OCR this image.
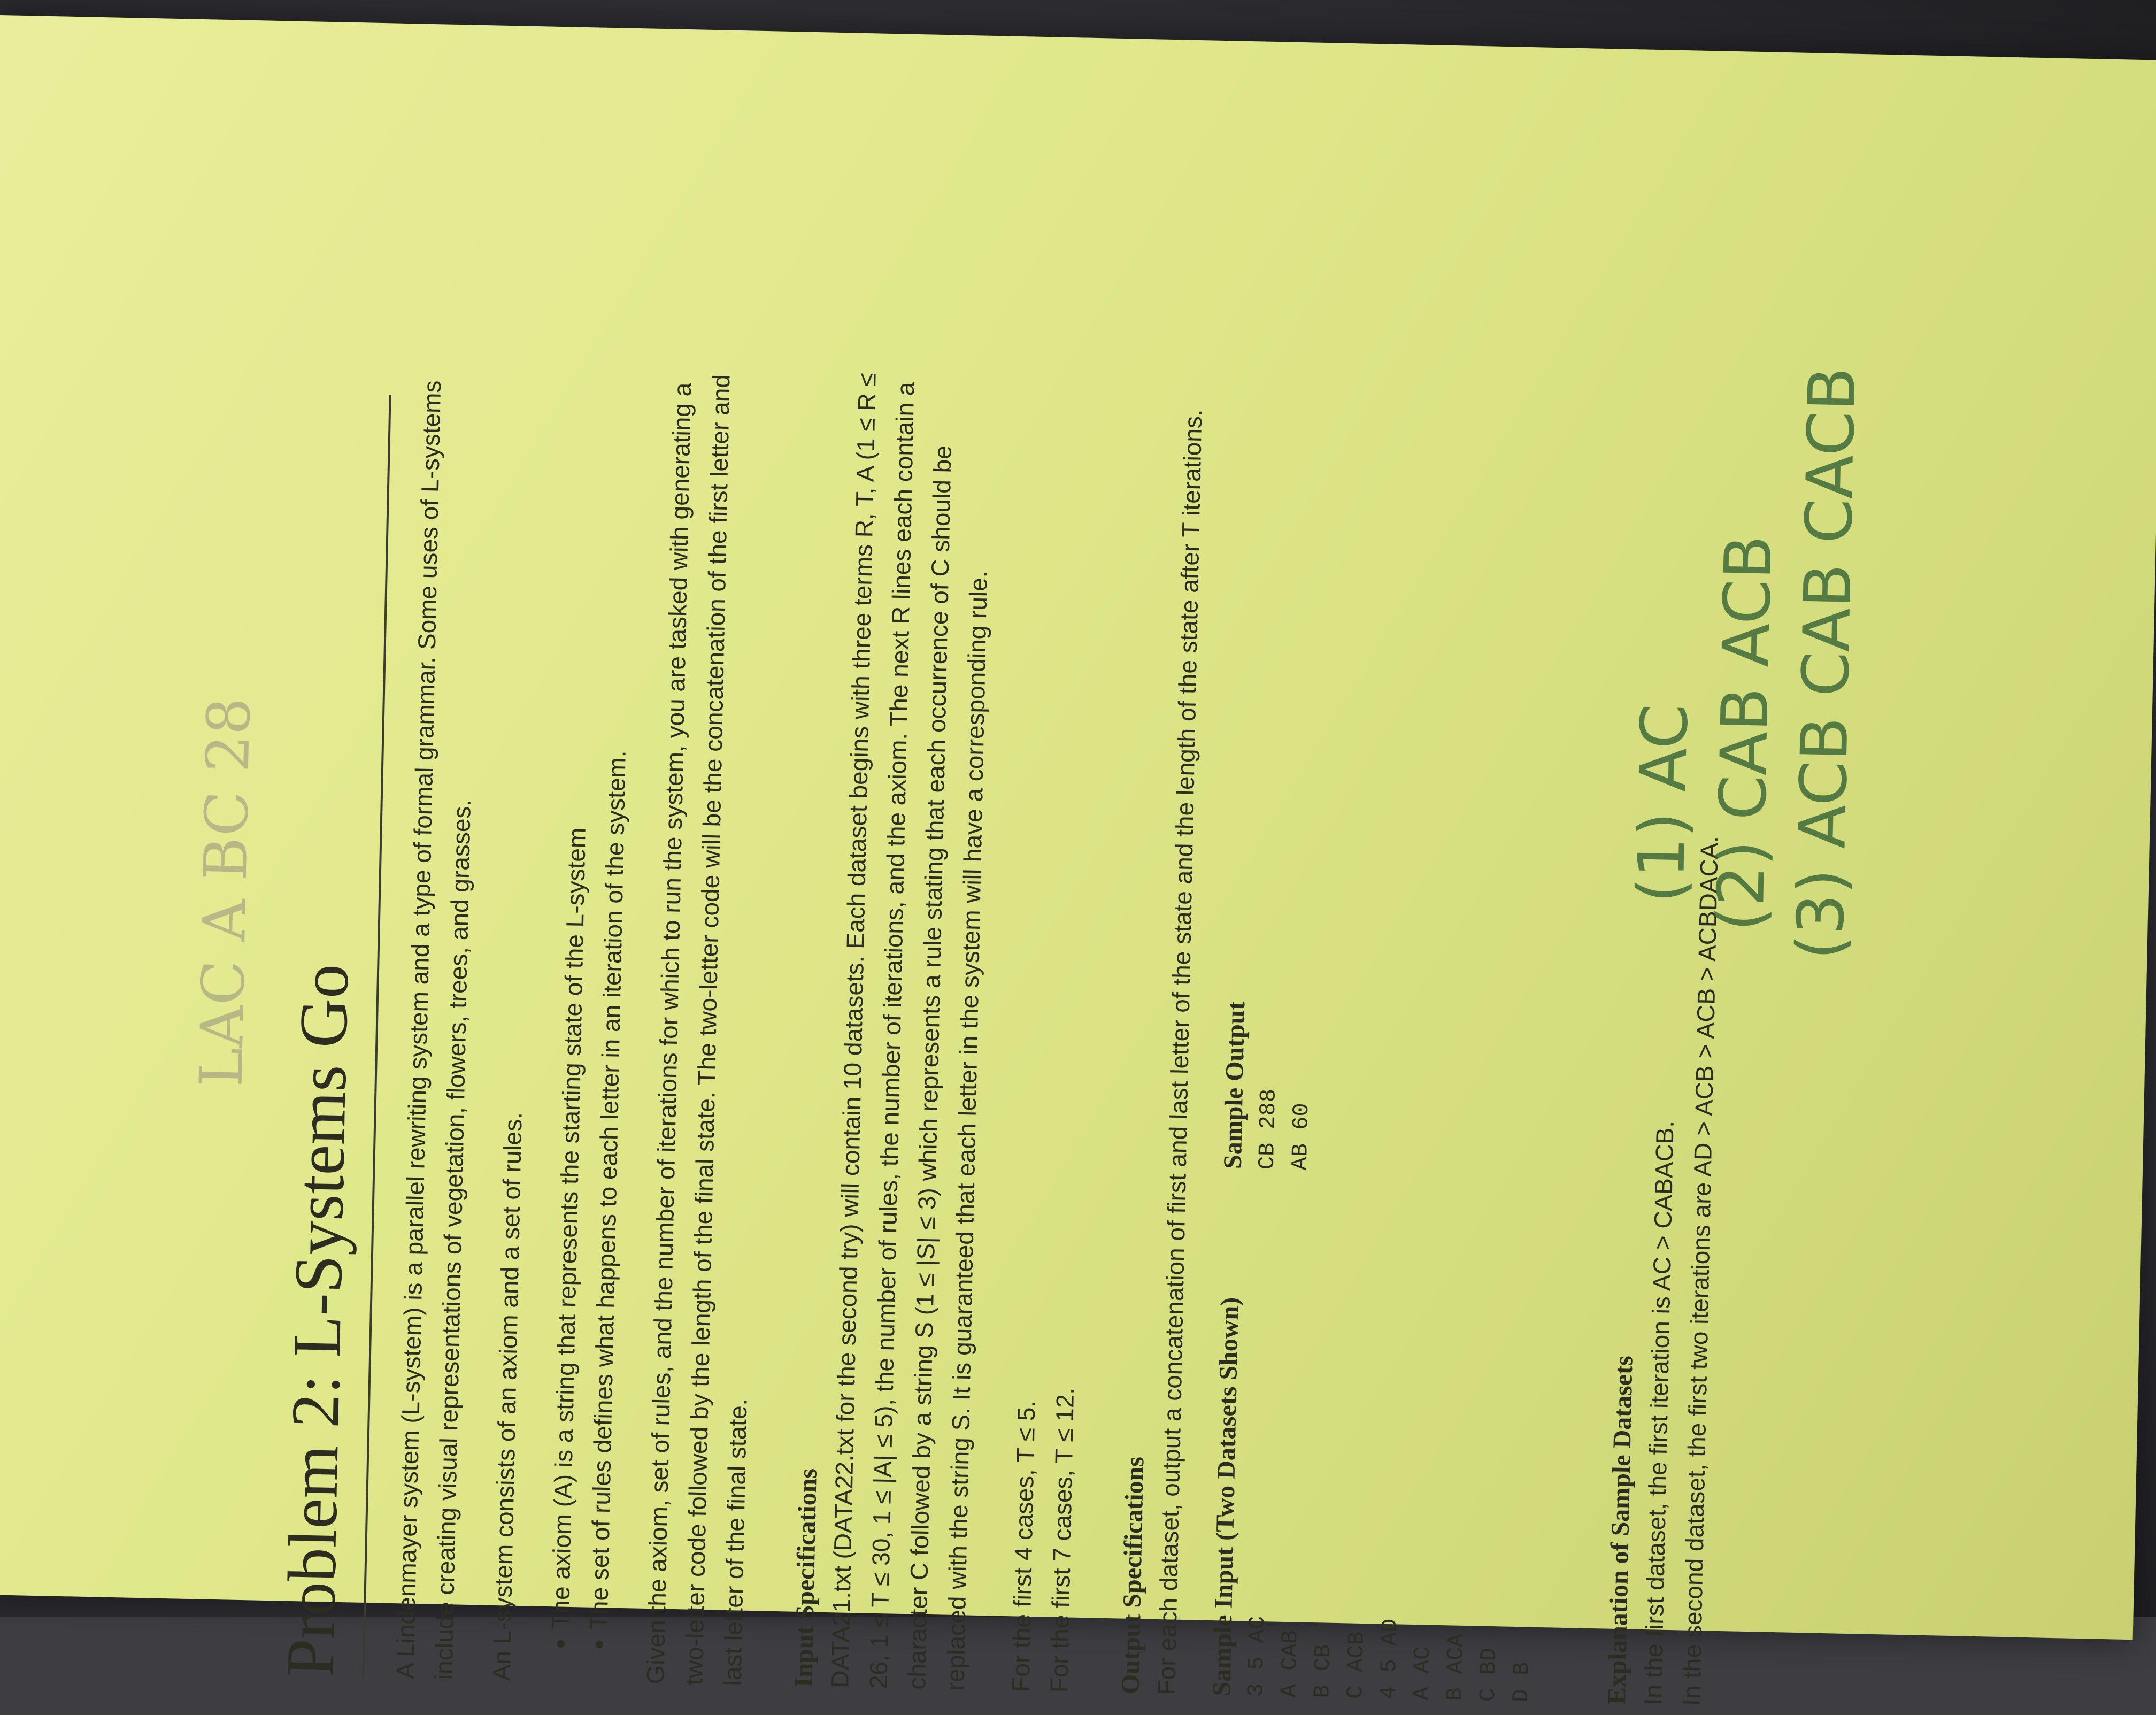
Problem 2: L-Systems Go	A Lindenmayer system (L-system) is a parallel rewriting system and a type of formal grammar. Some uses of L-systems include creating visual representations of vegetation, flowers, trees, and grasses. An L-system consists of an axiom and a set of rules.

• The axiom (A) is a string that represents the starting state of the L-system
• The set of rules defines what happens to each letter in an iteration of the system. Given the axiom, set of rules, and the number of iterations for which to run the system, you are tasked with generating a two-letter code followed by the length of the final state. The two-letter code will be the concatenation of the first letter and last letter of the final state.	Input Specifications DATA21.txt (DATA22.txt for the second try) will contain 10 datasets. Each dataset begins with three terms R, T, A (1 ≤ R ≤ 26, 1 ≤ T ≤ 30, 1 ≤ |A| ≤ 5), the number of rules, the number of iterations, and the axiom. The next R lines each contain a character C followed by a string S (1 ≤ |S| ≤ 3) which represents a rule stating that each occurrence of C should be replaced with the string S. It is guaranteed that each letter in the system will have a corresponding rule. For the first 4 cases, T ≤ 5. For the first 7 cases, T ≤ 12.	Output Specifications For each dataset, output a concatenation of first and last letter of the state and the length of the state after T iterations. Sample Input (Two Datasets Shown)
3 5 AC
A CAB
B CB
C ACB
4 5 AD
A AC
B ACA
C BD
D B
Sample Output CB 288
AB 60
Explanation of Sample Datasets In the first dataset, the first iteration is AC > CABACB.

In the second dataset, the first two iterations are AD > ACB > ACB > ACBDACA.

(1) AC (2) CAB ACB
(3) ACB CAB CACB
LAC A BC 28
